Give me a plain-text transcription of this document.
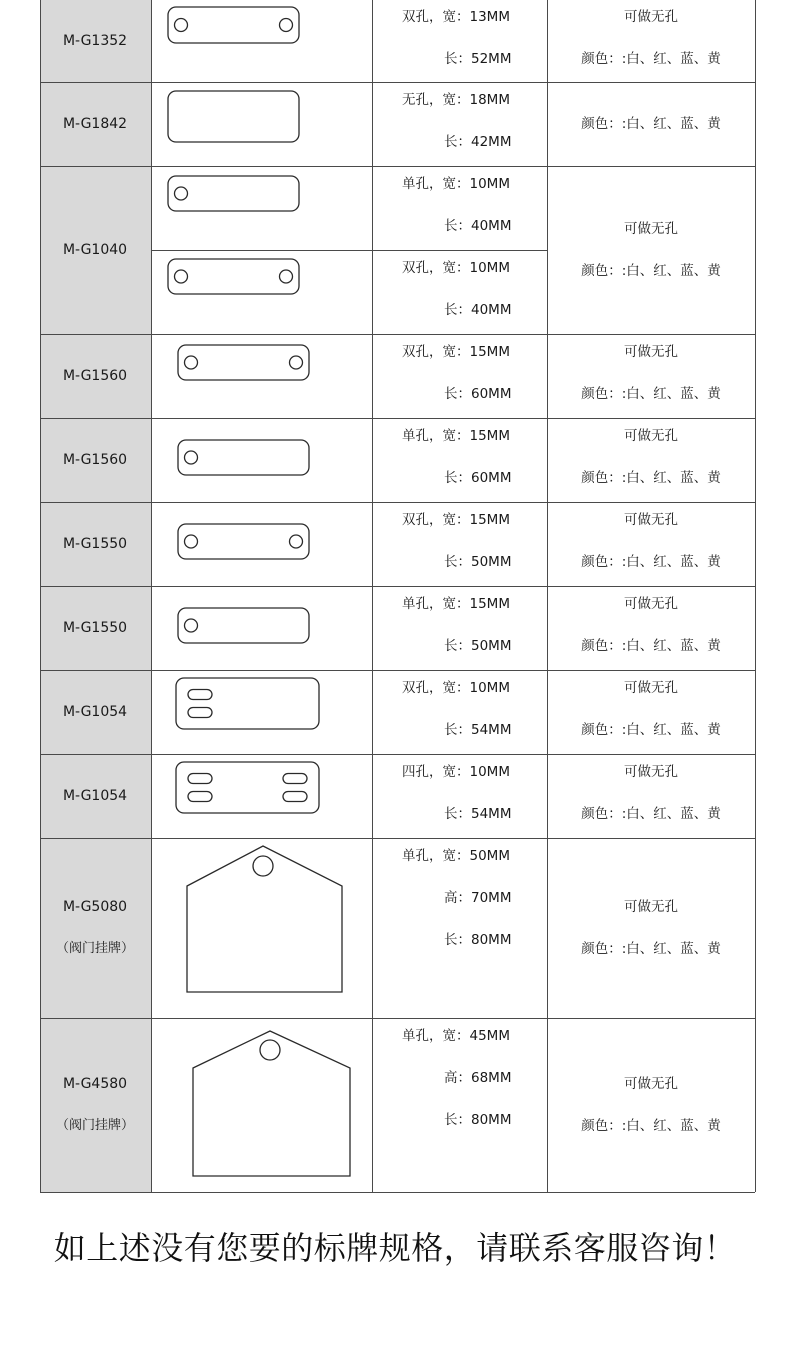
M-G1352
M-G1842
M-G1040
M-G1560
M-G1560
M-G1550
M-G1550
M-G1054
M-G1054
M-G5080
（阀门挂牌）
M-G4580
（阀门挂牌）
双孔，宽：13MM
长：52MM
无孔，宽：18MM
长：42MM
单孔，宽：10MM
长：40MM
双孔，宽：10MM
长：40MM
双孔，宽：15MM
长：60MM
单孔，宽：15MM
长：60MM
双孔，宽：15MM
长：50MM
单孔，宽：15MM
长：50MM
双孔，宽：10MM
长：54MM
四孔，宽：10MM
长：54MM
单孔，宽：50MM
高：70MM
长：80MM
单孔，宽：45MM
高：68MM
长：80MM
可做无孔
颜色：:白、红、蓝、黄
颜色：:白、红、蓝、黄
可做无孔
颜色：:白、红、蓝、黄
可做无孔
颜色：:白、红、蓝、黄
可做无孔
颜色：:白、红、蓝、黄
可做无孔
颜色：:白、红、蓝、黄
可做无孔
颜色：:白、红、蓝、黄
可做无孔
颜色：:白、红、蓝、黄
可做无孔
颜色：:白、红、蓝、黄
可做无孔
颜色：:白、红、蓝、黄
可做无孔
颜色：:白、红、蓝、黄
如上述没有您要的标牌规格，请联系客服咨询！
